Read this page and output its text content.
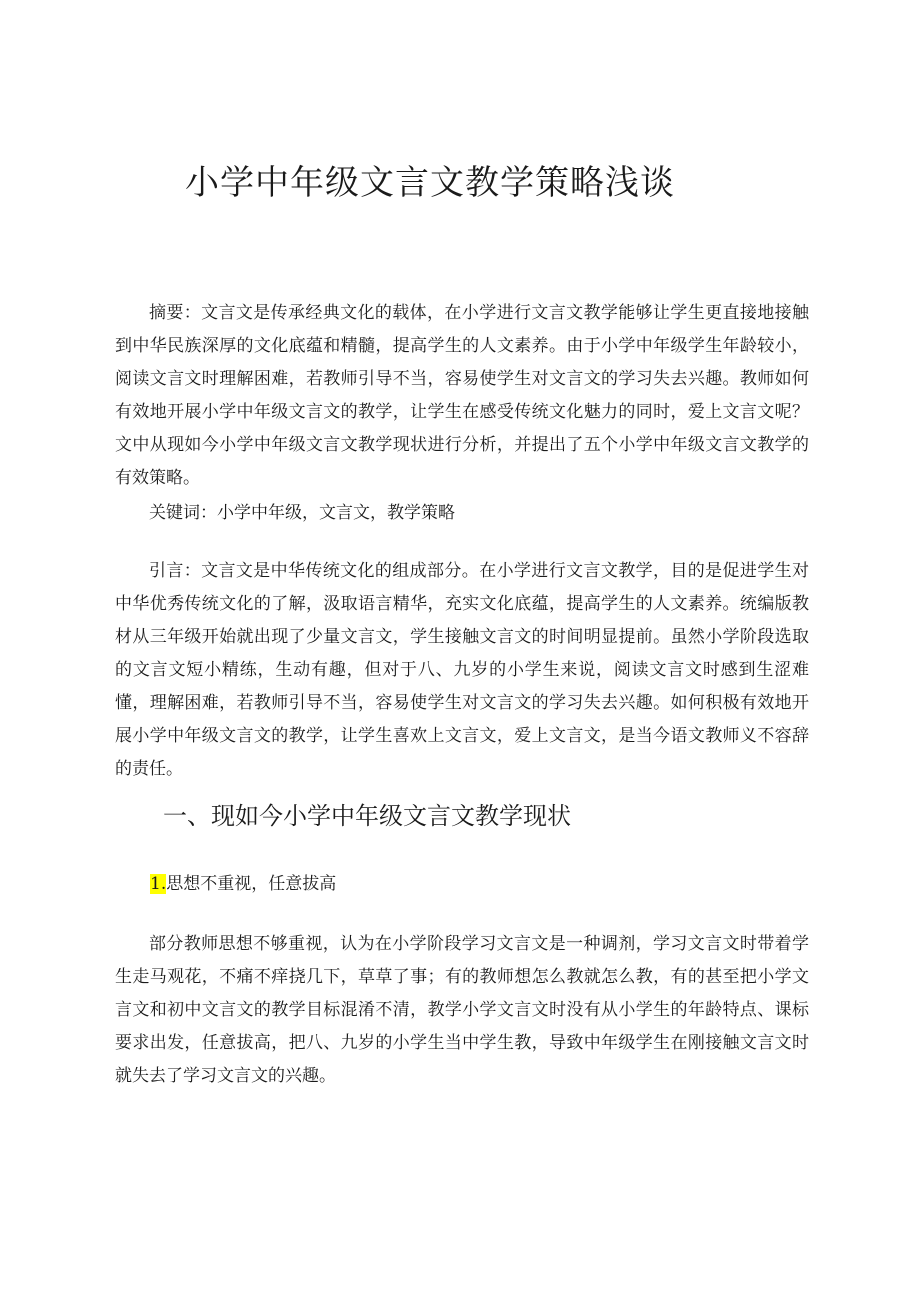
小学中年级文言文教学策略浅谈

摘要：文言文是传承经典文化的载体，在小学进行文言文教学能够让学生更直接地接触到中华民族深厚的文化底蕴和精髓，提高学生的人文素养。由于小学中年级学生年龄较小，阅读文言文时理解困难，若教师引导不当，容易使学生对文言文的学习失去兴趣。教师如何有效地开展小学中年级文言文的教学，让学生在感受传统文化魅力的同时，爱上文言文呢？文中从现如今小学中年级文言文教学现状进行分析，并提出了五个小学中年级文言文教学的有效策略。

关键词：小学中年级，文言文，教学策略

引言：文言文是中华传统文化的组成部分。在小学进行文言文教学，目的是促进学生对中华优秀传统文化的了解，汲取语言精华，充实文化底蕴，提高学生的人文素养。统编版教材从三年级开始就出现了少量文言文，学生接触文言文的时间明显提前。虽然小学阶段选取的文言文短小精练，生动有趣，但对于八、九岁的小学生来说，阅读文言文时感到生涩难懂，理解困难，若教师引导不当，容易使学生对文言文的学习失去兴趣。如何积极有效地开展小学中年级文言文的教学，让学生喜欢上文言文，爱上文言文，是当今语文教师义不容辞的责任。

一、现如今小学中年级文言文教学现状

1.思想不重视，任意拔高

部分教师思想不够重视，认为在小学阶段学习文言文是一种调剂，学习文言文时带着学生走马观花，不痛不痒挠几下，草草了事；有的教师想怎么教就怎么教，有的甚至把小学文言文和初中文言文的教学目标混淆不清，教学小学文言文时没有从小学生的年龄特点、课标要求出发，任意拔高，把八、九岁的小学生当中学生教，导致中年级学生在刚接触文言文时就失去了学习文言文的兴趣。
